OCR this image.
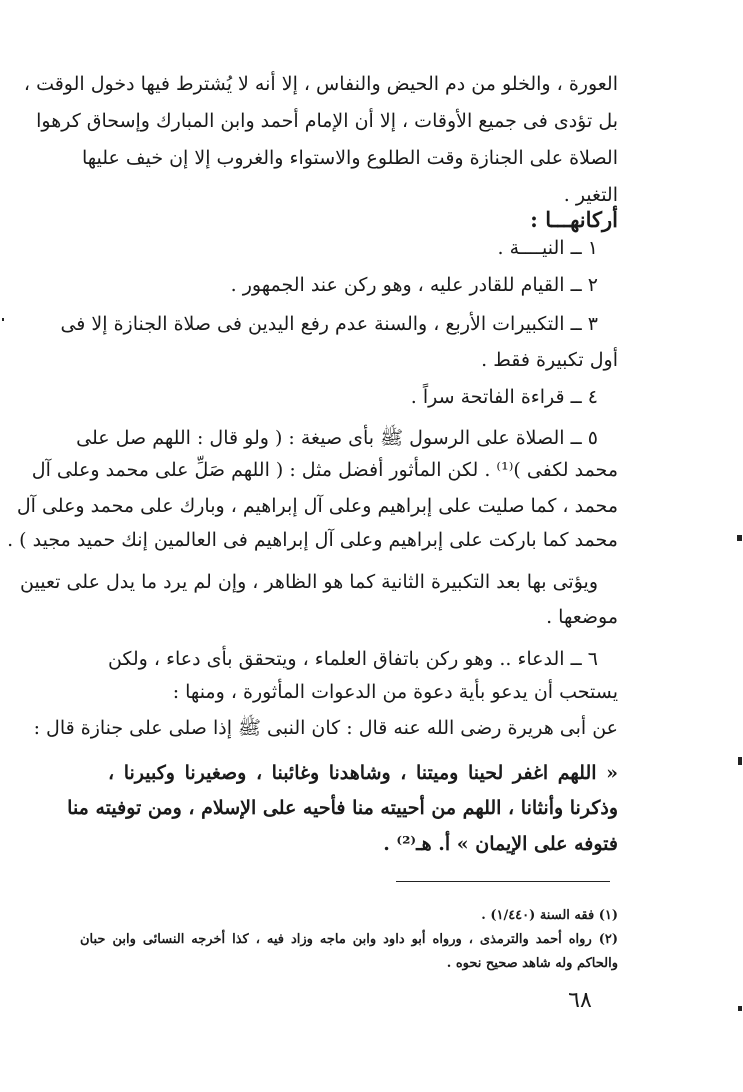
العورة ، والخلو من دم الحيض والنفاس ، إلا أنه لا يُشترط فيها دخول الوقت ،
بل تؤدى فى جميع الأوقات ، إلا أن الإمام أحمد وابن المبارك وإسحاق كرهوا
الصلاة على الجنازة وقت الطلوع والاستواء والغروب إلا إن خيف عليها
التغير .
أركانهـــا :
١ ــ النيــــة .
٢ ــ القيام للقادر عليه ، وهو ركن عند الجمهور .
٣ ــ التكبيرات الأربع ، والسنة عدم رفع اليدين فى صلاة الجنازة إلا فى
أول تكبيرة فقط .
٤ ــ قراءة الفاتحة سراً .
٥ ــ الصلاة على الرسول ﷺ بأى صيغة : ( ولو قال : اللهم صل على
محمد لكفى )⁽¹⁾ . لكن المأثور أفضل مثل : ( اللهم صَلِّ على محمد وعلى آل
محمد ، كما صليت على إبراهيم وعلى آل إبراهيم ، وبارك على محمد وعلى آل
محمد كما باركت على إبراهيم وعلى آل إبراهيم فى العالمين إنك حميد مجيد ) .
ويؤتى بها بعد التكبيرة الثانية كما هو الظاهر ، وإن لم يرد ما يدل على تعيين
موضعها .
٦ ــ الدعاء .. وهو ركن باتفاق العلماء ، ويتحقق بأى دعاء ، ولكن
يستحب أن يدعو بأية دعوة من الدعوات المأثورة ، ومنها :
عن أبى هريرة رضى الله عنه قال : كان النبى ﷺ إذا صلى على جنازة قال :
« اللهم اغفر لحينا وميتنا ، وشاهدنا وغائبنا ، وصغيرنا وكبيرنا ،
وذكرنا وأنثانا ، اللهم من أحييته منا فأحيه على الإسلام ، ومن توفيته منا
فتوفه على الإيمان » أ. هـ⁽²⁾ .
(١) فقه السنة (١/٤٤٠) .
(٢) رواه أحمد والترمذى ، ورواه أبو داود وابن ماجه وزاد فيه ، كذا أخرجه النسائى وابن حبان
والحاكم وله شاهد صحيح نحوه .
٦٨
